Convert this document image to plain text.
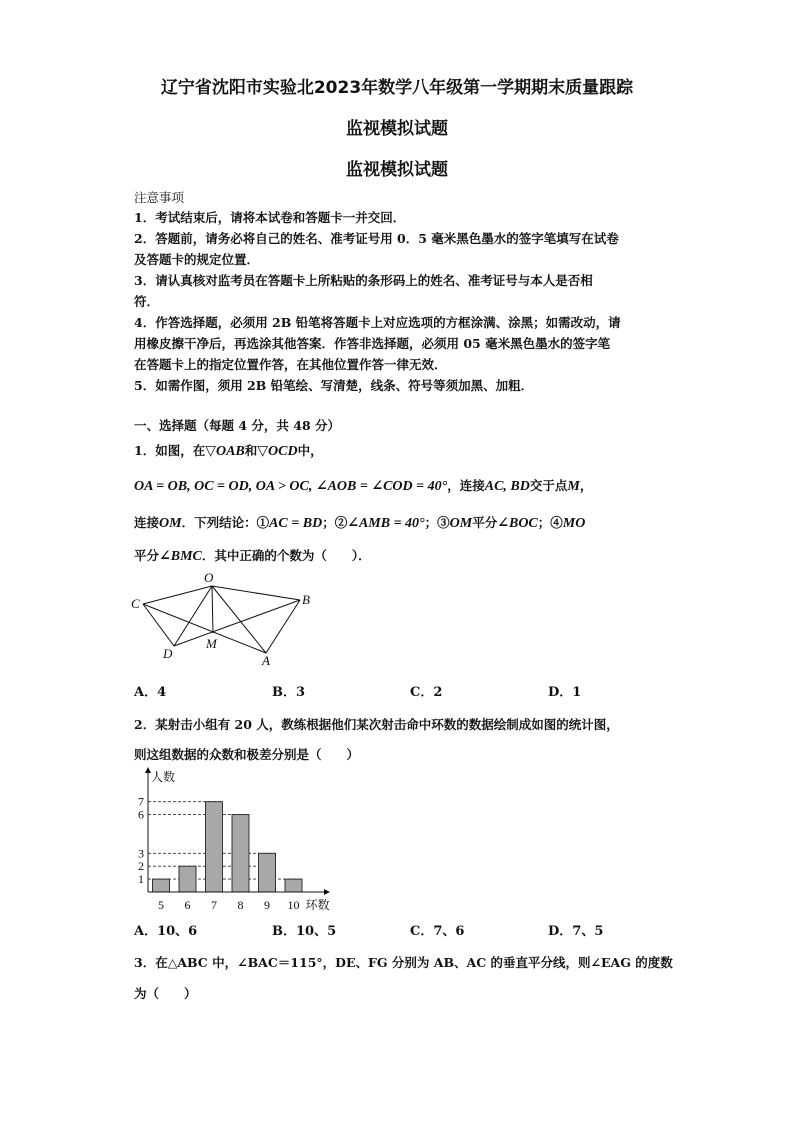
辽宁省沈阳市实验北2023年数学八年级第一学期期末质量跟踪
监视模拟试题
监视模拟试题
注意事项
1．考试结束后，请将本试卷和答题卡一并交回．
2．答题前，请务必将自己的姓名、准考证号用 0．5 毫米黑色墨水的签字笔填写在试卷
及答题卡的规定位置．
3．请认真核对监考员在答题卡上所粘贴的条形码上的姓名、准考证号与本人是否相
符．
4．作答选择题，必须用 2B 铅笔将答题卡上对应选项的方框涂满、涂黑；如需改动，请
用橡皮擦干净后，再选涂其他答案．作答非选择题，必须用 05 毫米黑色墨水的签字笔
在答题卡上的指定位置作答，在其他位置作答一律无效．
5．如需作图，须用 2B 铅笔绘、写清楚，线条、符号等须加黑、加粗．
一、选择题（每题 4 分，共 48 分）
1．如图，在▽OAB和▽OCD中，
OA = OB, OC = OD, OA > OC, ∠AOB = ∠COD = 40°，连接AC, BD交于点M，
连接OM．下列结论：①AC = BD；②∠AMB = 40°；③OM平分∠BOC；④MO
平分∠BMC．其中正确的个数为（　　）．
O
C	B
D
M
A
A．4	B．3	C．2	D．1
2．某射击小组有 20 人，教练根据他们某次射击命中环数的数据绘制成如图的统计图，
则这组数据的众数和极差分别是（　　）
1
2
3
6
7
5 6 7 8 9 10
人数
环数
A．10、6	B．10、5	C．7、6	D．7、5
3．在△ABC 中，∠BAC＝115°，DE、FG 分别为 AB、AC 的垂直平分线，则∠EAG 的度数
为（　　）
